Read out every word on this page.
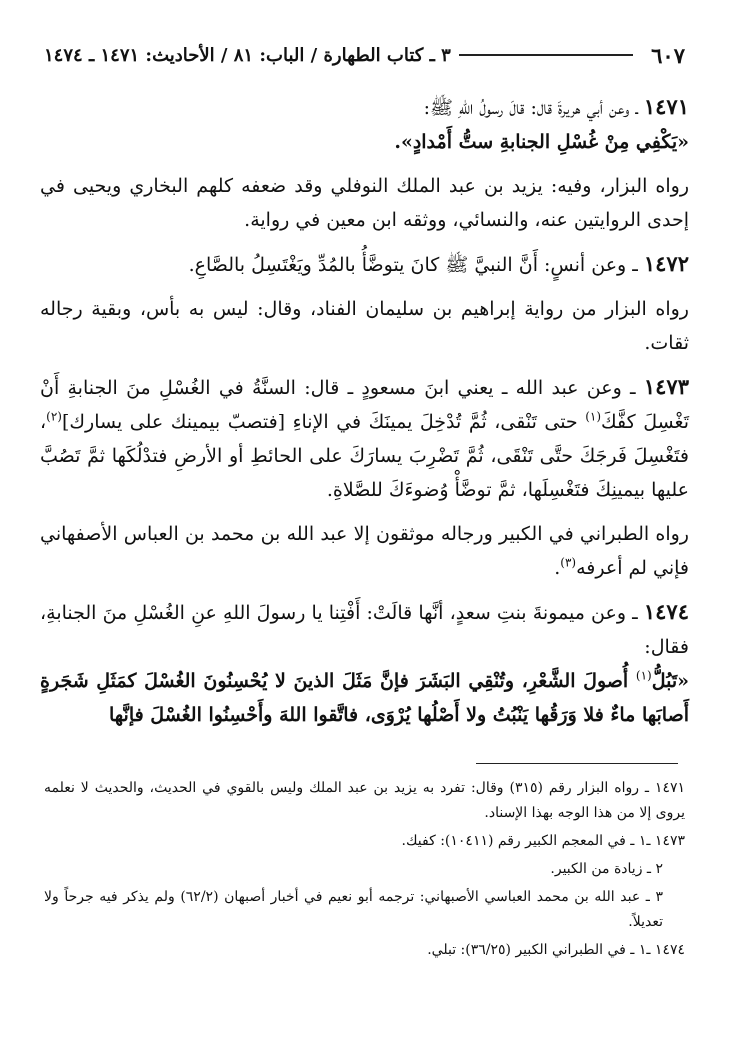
٦٠٧
٣ ـ كتاب الطهارة / الباب: ٨١ / الأحاديث: ١٤٧١ ـ ١٤٧٤

١٤٧١ ـ وعن أبي هريرةَ قال: قالَ رسولُ اللهِ ﷺ:
«يَكْفِي مِنْ غُسْلِ الجنابةِ ستُّ أَمْدادٍ».

رواه البزار، وفيه: يزيد بن عبد الملك النوفلي وقد ضعفه كلهم البخاري ويحيى في إحدى الروايتين عنه، والنسائي، ووثقه ابن معين في رواية.

١٤٧٢ ـ وعن أنسٍ: أَنَّ النبيَّ ﷺ كانَ يتوضَّأُ بالمُدِّ ويَغْتَسِلُ بالصَّاعِ.

رواه البزار من رواية إبراهيم بن سليمان الفناد، وقال: ليس به بأس، وبقية رجاله ثقات.

١٤٧٣ ـ وعن عبد الله ـ يعني ابنَ مسعودٍ ـ قال: السنَّةُ في الغُسْلِ منَ الجنابةِ أَنْ تَغْسِلَ كفَّكَ$^{(١)}$ حتى تَنْقى، ثُمَّ تُدْخِلَ يمينَكَ في الإناءِ [فتصبّ بيمينك على يسارك]$^{(٢)}$، فتَغْسِلَ فَرجَكَ حتَّى تَنْقَى، ثُمَّ تَضْرِبَ يسارَكَ على الحائطِ أو الأرضِ فتدْلُكَها ثمَّ تَصُبَّ عليها بيمينِكَ فتَغْسِلَها، ثمَّ توضَّأْ وُضوءَكَ للصَّلاةِ.

رواه الطبراني في الكبير ورجاله موثقون إلا عبد الله بن محمد بن العباس الأصفهاني فإني لم أعرفه$^{(٣)}$.

١٤٧٤ ـ وعن ميمونةَ بنتِ سعدٍ، أنَّها قالَتْ: أَفْتِنا يا رسولَ اللهِ عنِ الغُسْلِ منَ الجنابةِ، فقال:
«تَبُلُّ$^{(١)}$ أُصولَ الشَّعْرِ، وتُنْقِي البَشَرَ فإنَّ مَثَلَ الذينَ لا يُحْسِنُونَ الغُسْلَ كمَثَلِ شَجَرةٍ أَصابَها ماءٌ فلا وَرَقُها يَنْبُتُ ولا أَصْلُها يُرْوَى، فاتَّقوا اللهَ وأَحْسِنُوا الغُسْلَ فإنَّها

١٤٧١ ـ رواه البزار رقم (٣١٥) وقال: تفرد به يزيد بن عبد الملك وليس بالقوي في الحديث، والحديث لا نعلمه يروى إلا من هذا الوجه بهذا الإسناد.
١٤٧٣ ـ١ ـ في المعجم الكبير رقم (١٠٤١١): كفيك.
٢ ـ زيادة من الكبير.
٣ ـ عبد الله بن محمد العباسي الأصبهاني: ترجمه أبو نعيم في أخبار أصبهان (٦٢/٢) ولم يذكر فيه جرحاً ولا تعديلاً.
١٤٧٤ ـ١ ـ في الطبراني الكبير (٣٦/٢٥): تبلي.
